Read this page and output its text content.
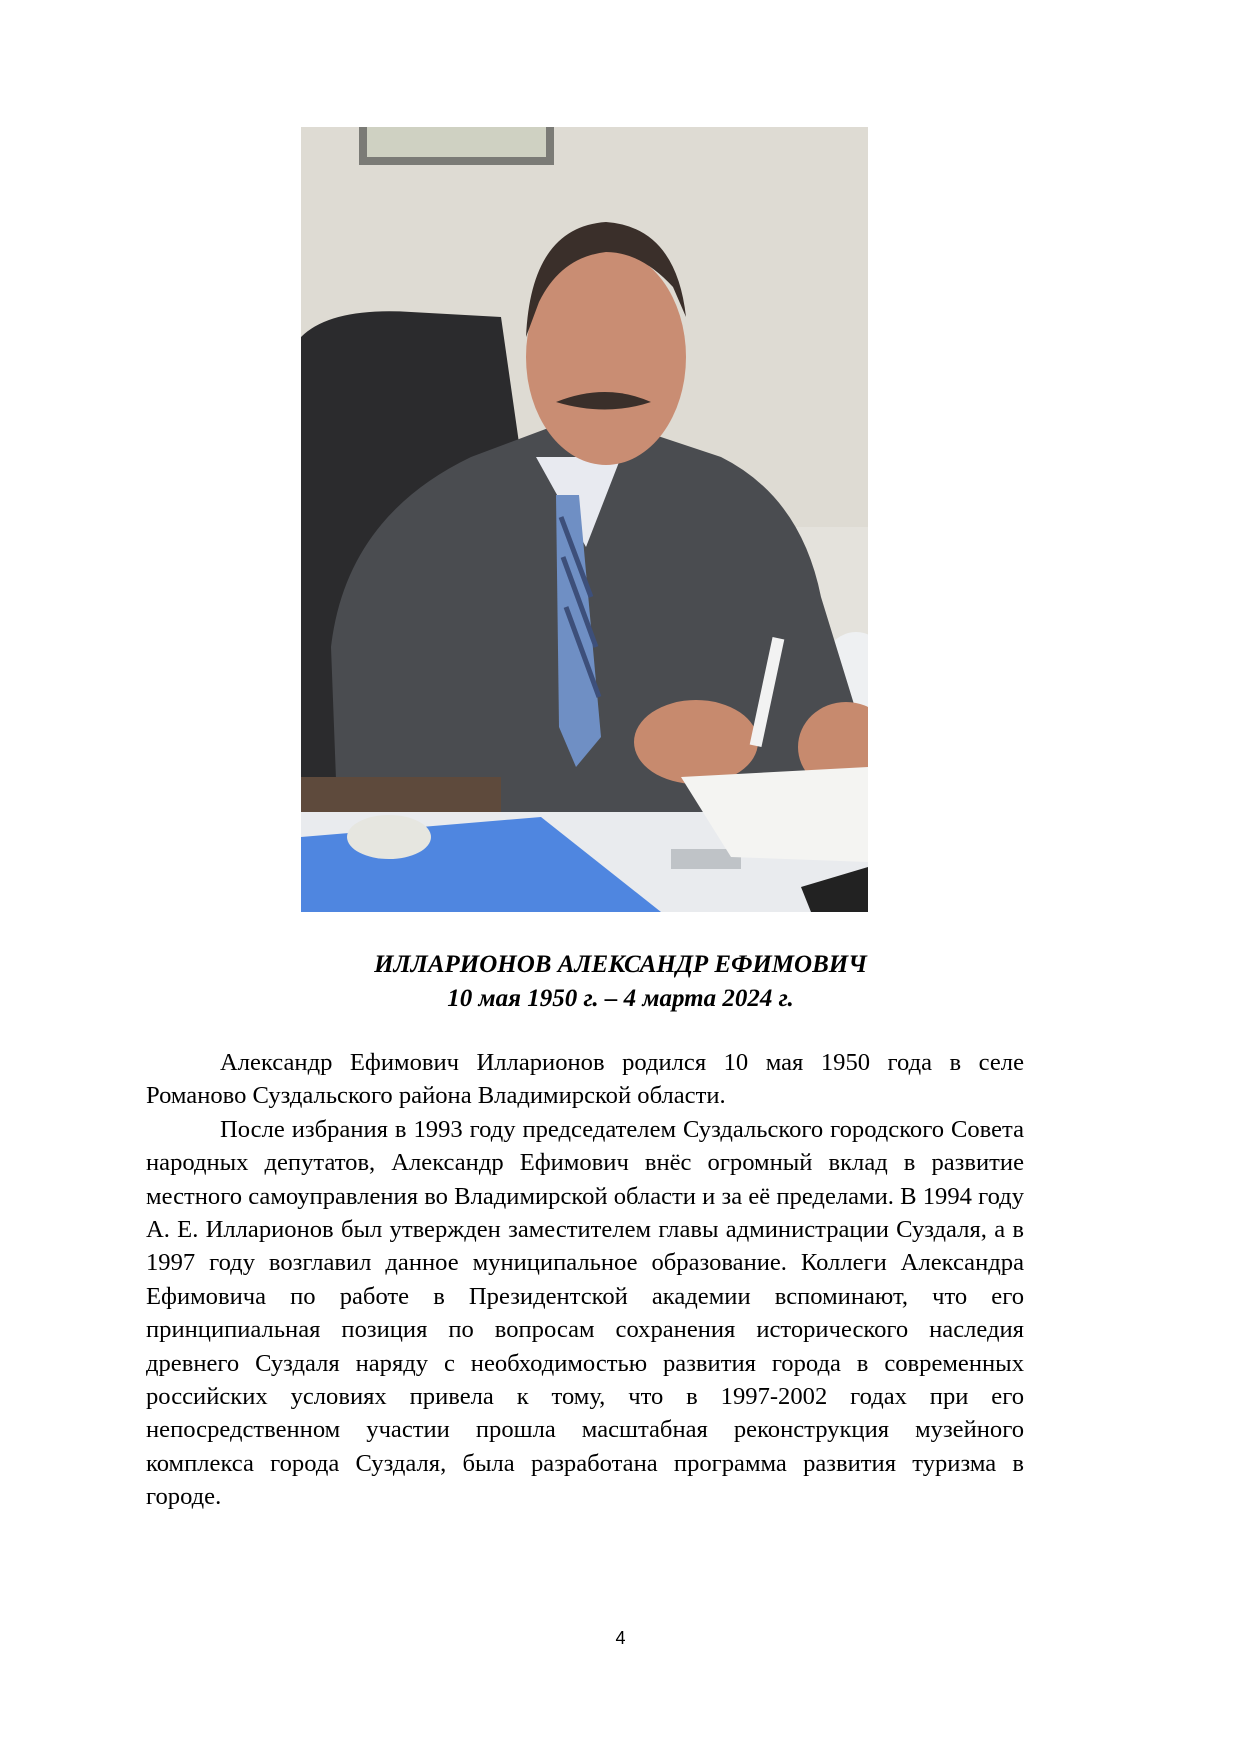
ИЛЛАРИОНОВ АЛЕКСАНДР ЕФИМОВИЧ
10 мая 1950 г. – 4 марта 2024 г.

Александр Ефимович Илларионов родился 10 мая 1950 года в селе Романово Суздальского района Владимирской области.

После избрания в 1993 году председателем Суздальского городского Совета народных депутатов, Александр Ефимович внёс огромный вклад в развитие местного самоуправления во Владимирской области и за её пределами. В 1994 году А. Е. Илларионов был утвержден заместителем главы администрации Суздаля, а в 1997 году возглавил данное муниципальное образование. Коллеги Александра Ефимовича по работе в Президентской академии вспоминают, что его принципиальная позиция по вопросам сохранения исторического наследия древнего Суздаля наряду с необходимостью развития города в современных российских условиях привела к тому, что в 1997-2002 годах при его непосредственном участии прошла масштабная реконструкция музейного комплекса города Суздаля, была разработана программа развития туризма в городе.

4
